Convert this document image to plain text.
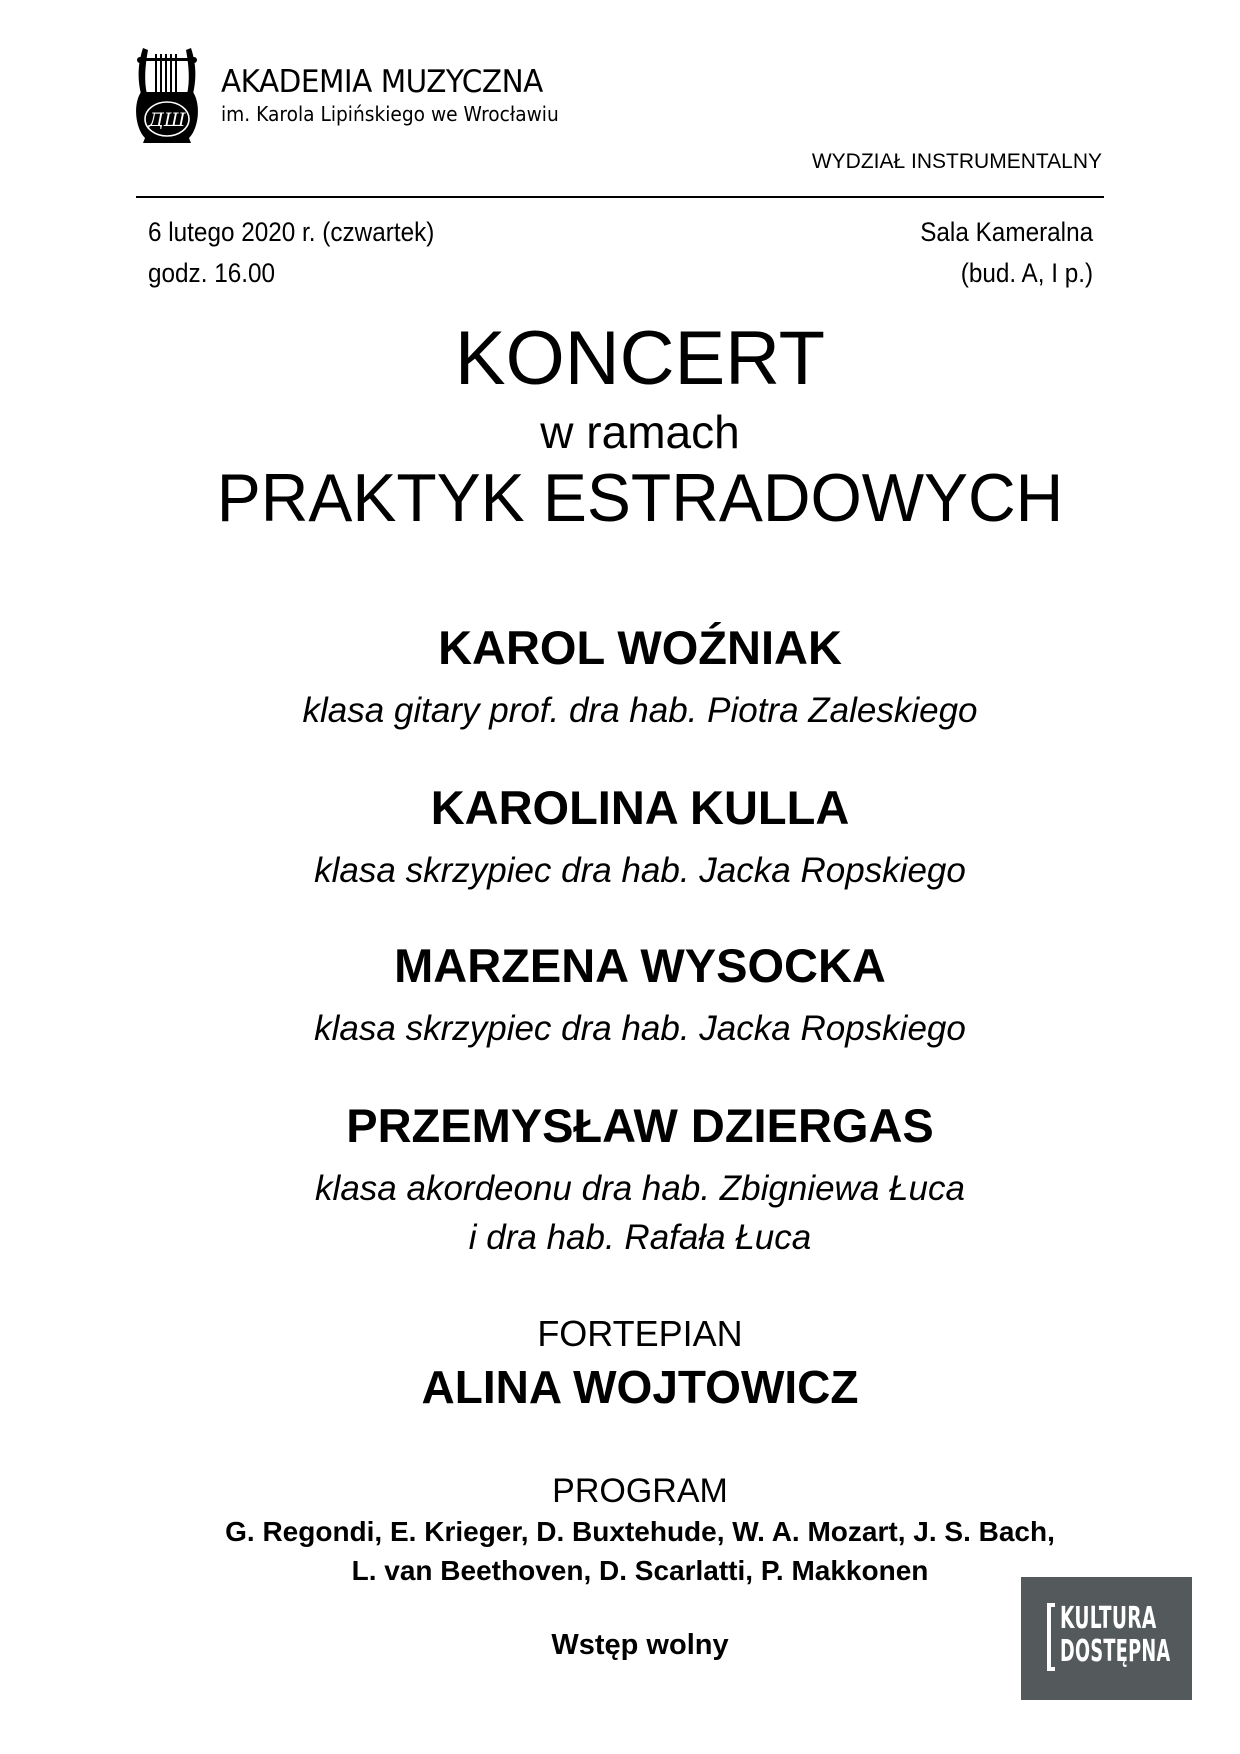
ДШ
AKADEMIA MUZYCZNA
im. Karola Lipińskiego we Wrocławiu
WYDZIAŁ INSTRUMENTALNY
6 lutego 2020 r. (czwartek)
godz. 16.00
Sala Kameralna
(bud. A, I p.)
KONCERT
w ramach
PRAKTYK ESTRADOWYCH
KAROL WOŹNIAK
klasa gitary prof. dra hab. Piotra Zaleskiego
KAROLINA KULLA
klasa skrzypiec dra hab. Jacka Ropskiego
MARZENA WYSOCKA
klasa skrzypiec dra hab. Jacka Ropskiego
PRZEMYSŁAW DZIERGAS
klasa akordeonu dra hab. Zbigniewa Łuca
i dra hab. Rafała Łuca
FORTEPIAN
ALINA WOJTOWICZ
PROGRAM
G. Regondi, E. Krieger, D. Buxtehude, W. A. Mozart, J. S. Bach,
L. van Beethoven, D. Scarlatti, P. Makkonen
Wstęp wolny
KULTURA
DOSTĘPNA
